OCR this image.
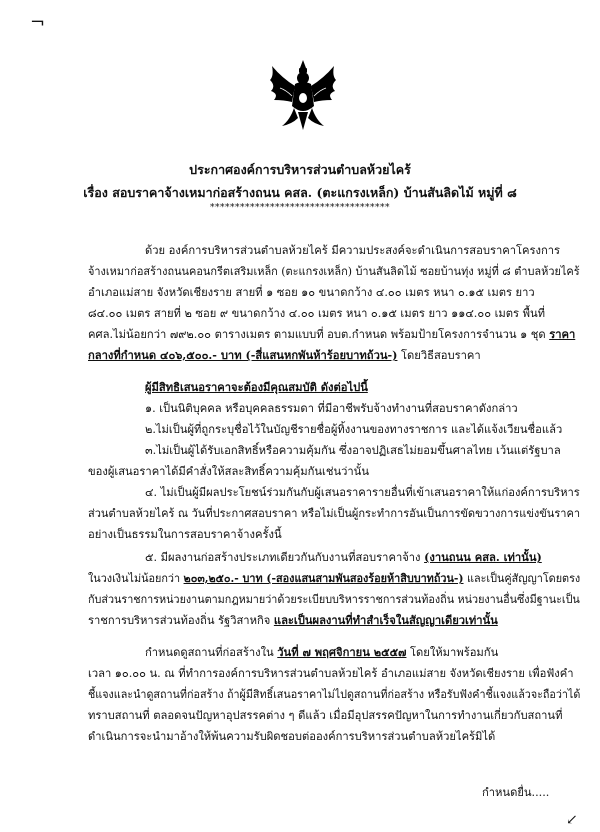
¬
ประกาศองค์การบริหารส่วนตำบลห้วยไคร้
เรื่อง สอบราคาจ้างเหมาก่อสร้างถนน คสล. (ตะแกรงเหล็ก) บ้านสันลิดไม้ หมู่ที่ ๘
************************************
ด้วย องค์การบริหารส่วนตำบลห้วยไคร้ มีความประสงค์จะดำเนินการสอบราคาโครงการ
จ้างเหมาก่อสร้างถนนคอนกรีตเสริมเหล็ก (ตะแกรงเหล็ก) บ้านสันลิดไม้ ซอยบ้านทุ่ง หมู่ที่ ๘ ตำบลห้วยไคร้
อำเภอแม่สาย จังหวัดเชียงราย สายที่ ๑ ซอย ๑๐ ขนาดกว้าง ๔.๐๐ เมตร หนา ๐.๑๕ เมตร ยาว
๘๔.๐๐ เมตร สายที่ ๒ ซอย ๙ ขนาดกว้าง ๔.๐๐ เมตร หนา ๐.๑๕ เมตร ยาว ๑๑๔.๐๐ เมตร พื้นที่
คศล.ไม่น้อยกว่า ๗๙๒.๐๐ ตารางเมตร ตามแบบที่ อบต.กำหนด พร้อมป้ายโครงการจำนวน ๑ ชุด ราคา
กลางที่กำหนด ๔๐๖,๕๐๐.- บาท (-สี่แสนหกพันห้าร้อยบาทถ้วน-) โดยวิธีสอบราคา
ผู้มีสิทธิเสนอราคาจะต้องมีคุณสมบัติ ดังต่อไปนี้
๑. เป็นนิติบุคคล หรือบุคคลธรรมดา ที่มีอาชีพรับจ้างทำงานที่สอบราคาดังกล่าว
๒.ไม่เป็นผู้ที่ถูกระบุชื่อไว้ในบัญชีรายชื่อผู้ทิ้งงานของทางราชการ และได้แจ้งเวียนชื่อแล้ว
๓.ไม่เป็นผู้ได้รับเอกสิทธิ์หรือความคุ้มกัน ซึ่งอาจปฏิเสธไม่ยอมขึ้นศาลไทย เว้นแต่รัฐบาล
ของผู้เสนอราคาได้มีคำสั่งให้สละสิทธิ์ความคุ้มกันเช่นว่านั้น
๔. ไม่เป็นผู้มีผลประโยชน์ร่วมกันกับผู้เสนอราคารายอื่นที่เข้าเสนอราคาให้แก่องค์การบริหาร
ส่วนตำบลห้วยไคร้ ณ วันที่ประกาศสอบราคา หรือไม่เป็นผู้กระทำการอันเป็นการขัดขวางการแข่งขันราคา
อย่างเป็นธรรมในการสอบราคาจ้างครั้งนี้
๕. มีผลงานก่อสร้างประเภทเดียวกันกับงานที่สอบราคาจ้าง (งานถนน คสล. เท่านั้น)
ในวงเงินไม่น้อยกว่า ๒๐๓,๒๕๐.- บาท (-สองแสนสามพันสองร้อยห้าสิบบาทถ้วน-) และเป็นคู่สัญญาโดยตรง
กับส่วนราชการหน่วยงานตามกฎหมายว่าด้วยระเบียบบริหารราชการส่วนท้องถิ่น หน่วยงานอื่นซึ่งมีฐานะเป็น
ราชการบริหารส่วนท้องถิ่น รัฐวิสาหกิจ และเป็นผลงานที่ทำสำเร็จในสัญญาเดียวเท่านั้น
กำหนดดูสถานที่ก่อสร้างใน วันที่ ๗ พฤศจิกายน ๒๕๕๗ โดยให้มาพร้อมกัน
เวลา ๑๐.๐๐ น. ณ ที่ทำการองค์การบริหารส่วนตำบลห้วยไคร้ อำเภอแม่สาย จังหวัดเชียงราย เพื่อฟังคำ
ชี้แจงและนำดูสถานที่ก่อสร้าง ถ้าผู้มีสิทธิ์เสนอราคาไม่ไปดูสถานที่ก่อสร้าง หรือรับฟังคำชี้แจงแล้วจะถือว่าได้
ทราบสถานที่ ตลอดจนปัญหาอุปสรรคต่าง ๆ ดีแล้ว เมื่อมีอุปสรรคปัญหาในการทำงานเกี่ยวกับสถานที่
ดำเนินการจะนำมาอ้างให้พ้นความรับผิดชอบต่อองค์การบริหารส่วนตำบลห้วยไคร้มิได้
กำหนดยื่น.....
↙
